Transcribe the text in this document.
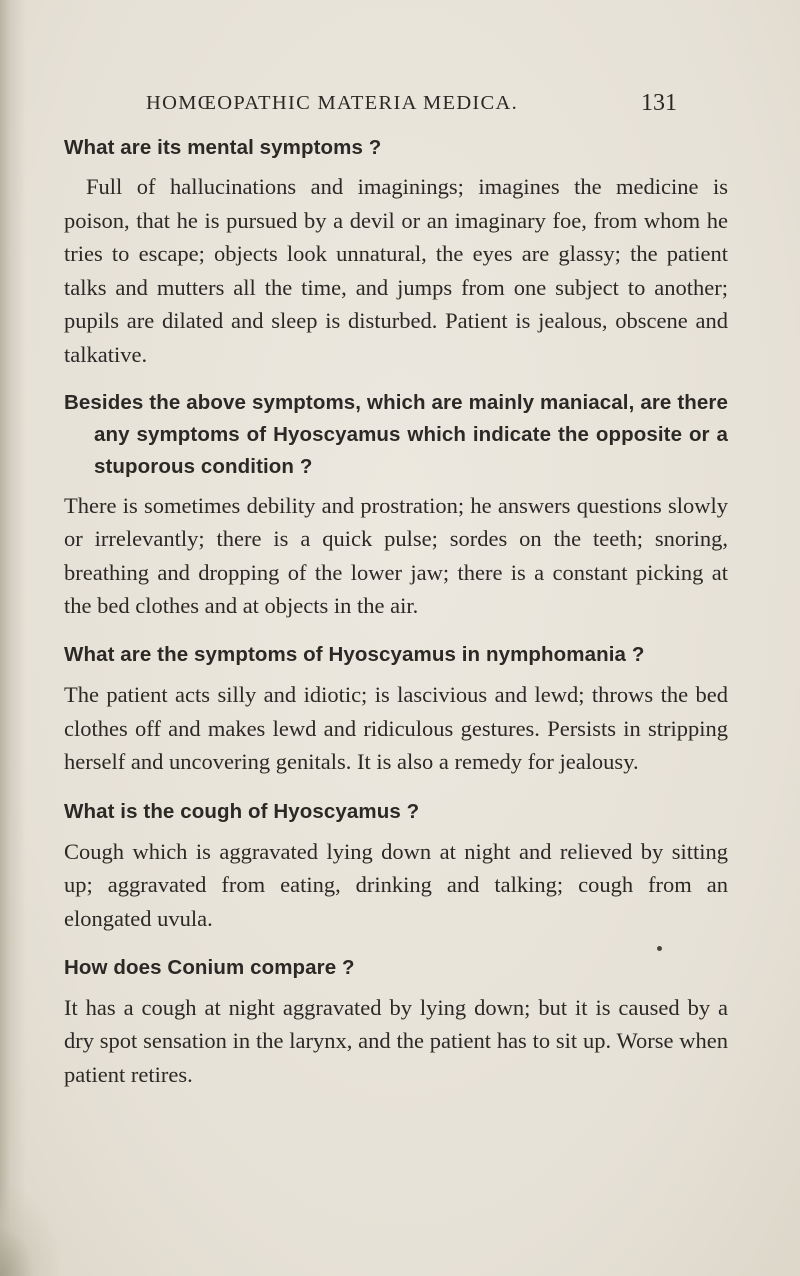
HOMŒOPATHIC MATERIA MEDICA.	131

What are its mental symptoms ?

Full of hallucinations and imaginings; imagines the medicine is poison, that he is pursued by a devil or an imaginary foe, from whom he tries to escape; objects look unnatural, the eyes are glassy; the patient talks and mutters all the time, and jumps from one subject to another; pupils are dilated and sleep is disturbed. Patient is jealous, obscene and talkative.

Besides the above symptoms, which are mainly maniacal, are there any symptoms of Hyoscyamus which indicate the opposite or a stuporous condition ?

There is sometimes debility and prostration; he answers questions slowly or irrelevantly; there is a quick pulse; sordes on the teeth; snoring, breathing and dropping of the lower jaw; there is a constant picking at the bed clothes and at objects in the air.

What are the symptoms of Hyoscyamus in nymphomania ?

The patient acts silly and idiotic; is lascivious and lewd; throws the bed clothes off and makes lewd and ridiculous gestures. Persists in stripping herself and uncovering genitals. It is also a remedy for jealousy.

What is the cough of Hyoscyamus ?

Cough which is aggravated lying down at night and relieved by sitting up; aggravated from eating, drinking and talking; cough from an elongated uvula.

How does Conium compare ?

It has a cough at night aggravated by lying down; but it is caused by a dry spot sensation in the larynx, and the patient has to sit up. Worse when patient retires.
